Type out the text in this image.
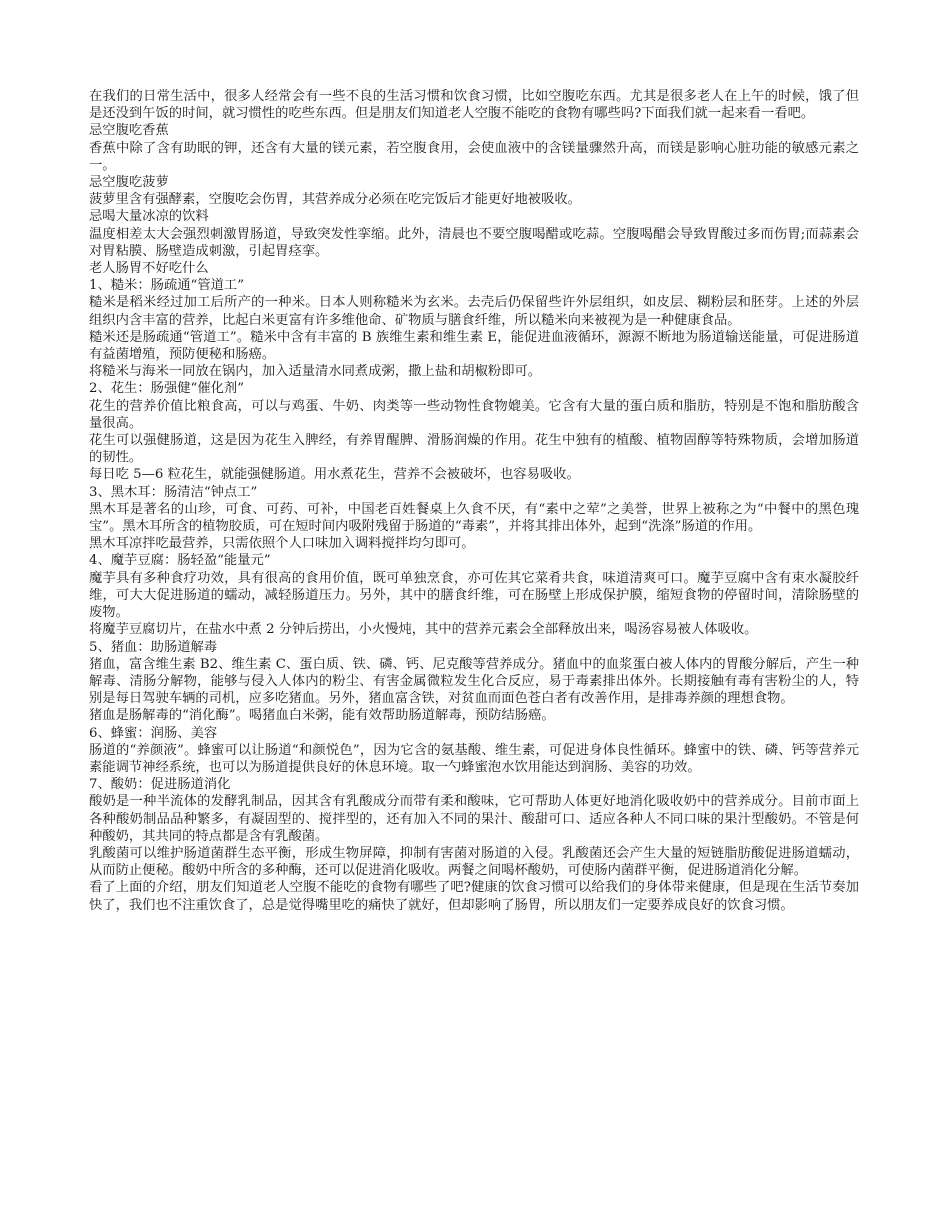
在我们的日常生活中，很多人经常会有一些不良的生活习惯和饮食习惯，比如空腹吃东西。尤其是很多老人在上午的时候，饿了但是还没到午饭的时间，就习惯性的吃些东西。但是朋友们知道老人空腹不能吃的食物有哪些吗?下面我们就一起来看一看吧。

忌空腹吃香蕉

香蕉中除了含有助眠的钾，还含有大量的镁元素，若空腹食用，会使血液中的含镁量骤然升高，而镁是影响心脏功能的敏感元素之一。

忌空腹吃菠萝

菠萝里含有强酵素，空腹吃会伤胃，其营养成分必须在吃完饭后才能更好地被吸收。

忌喝大量冰凉的饮料

温度相差太大会强烈刺激胃肠道，导致突发性挛缩。此外，清晨也不要空腹喝醋或吃蒜。空腹喝醋会导致胃酸过多而伤胃;而蒜素会对胃粘膜、肠壁造成刺激，引起胃痉挛。

老人肠胃不好吃什么

1、糙米：肠疏通“管道工”

糙米是稻米经过加工后所产的一种米。日本人则称糙米为玄米。去壳后仍保留些许外层组织，如皮层、糊粉层和胚芽。上述的外层组织内含丰富的营养，比起白米更富有许多维他命、矿物质与膳食纤维，所以糙米向来被视为是一种健康食品。

糙米还是肠疏通“管道工”。糙米中含有丰富的 B 族维生素和维生素 E，能促进血液循环，源源不断地为肠道输送能量，可促进肠道有益菌增殖，预防便秘和肠癌。

将糙米与海米一同放在锅内，加入适量清水同煮成粥，撒上盐和胡椒粉即可。

2、花生：肠强健“催化剂”

花生的营养价值比粮食高，可以与鸡蛋、牛奶、肉类等一些动物性食物媲美。它含有大量的蛋白质和脂肪，特别是不饱和脂肪酸含量很高。

花生可以强健肠道，这是因为花生入脾经，有养胃醒脾、滑肠润燥的作用。花生中独有的植酸、植物固醇等特殊物质，会增加肠道的韧性。

每日吃 5—6 粒花生，就能强健肠道。用水煮花生，营养不会被破坏，也容易吸收。

3、黑木耳：肠清洁“钟点工”

黑木耳是著名的山珍，可食、可药、可补，中国老百姓餐桌上久食不厌，有“素中之荤”之美誉，世界上被称之为“中餐中的黑色瑰宝”。黑木耳所含的植物胶质，可在短时间内吸附残留于肠道的“毒素”，并将其排出体外，起到“洗涤”肠道的作用。

黑木耳凉拌吃最营养，只需依照个人口味加入调料搅拌均匀即可。

4、魔芋豆腐：肠轻盈“能量元”

魔芋具有多种食疗功效，具有很高的食用价值，既可单独烹食，亦可佐其它菜肴共食，味道清爽可口。魔芋豆腐中含有束水凝胶纤维，可大大促进肠道的蠕动，减轻肠道压力。另外，其中的膳食纤维，可在肠壁上形成保护膜，缩短食物的停留时间，清除肠壁的废物。

将魔芋豆腐切片，在盐水中煮 2 分钟后捞出，小火慢炖，其中的营养元素会全部释放出来，喝汤容易被人体吸收。

5、猪血：助肠道解毒

猪血，富含维生素 B2、维生素 C、蛋白质、铁、磷、钙、尼克酸等营养成分。猪血中的血浆蛋白被人体内的胃酸分解后，产生一种解毒、清肠分解物，能够与侵入人体内的粉尘、有害金属微粒发生化合反应，易于毒素排出体外。长期接触有毒有害粉尘的人，特别是每日驾驶车辆的司机，应多吃猪血。另外，猪血富含铁，对贫血而面色苍白者有改善作用，是排毒养颜的理想食物。

猪血是肠解毒的“消化酶”。喝猪血白米粥，能有效帮助肠道解毒，预防结肠癌。

6、蜂蜜：润肠、美容

肠道的“养颜液”。蜂蜜可以让肠道“和颜悦色”，因为它含的氨基酸、维生素，可促进身体良性循环。蜂蜜中的铁、磷、钙等营养元素能调节神经系统，也可以为肠道提供良好的休息环境。取一勺蜂蜜泡水饮用能达到润肠、美容的功效。

7、酸奶：促进肠道消化

酸奶是一种半流体的发酵乳制品，因其含有乳酸成分而带有柔和酸味，它可帮助人体更好地消化吸收奶中的营养成分。目前市面上各种酸奶制品品种繁多，有凝固型的、搅拌型的，还有加入不同的果汁、酸甜可口、适应各种人不同口味的果汁型酸奶。不管是何种酸奶，其共同的特点都是含有乳酸菌。

乳酸菌可以维护肠道菌群生态平衡，形成生物屏障，抑制有害菌对肠道的入侵。乳酸菌还会产生大量的短链脂肪酸促进肠道蠕动，从而防止便秘。酸奶中所含的多种酶，还可以促进消化吸收。两餐之间喝杯酸奶，可使肠内菌群平衡，促进肠道消化分解。

看了上面的介绍，朋友们知道老人空腹不能吃的食物有哪些了吧?健康的饮食习惯可以给我们的身体带来健康，但是现在生活节奏加快了，我们也不注重饮食了，总是觉得嘴里吃的痛快了就好，但却影响了肠胃，所以朋友们一定要养成良好的饮食习惯。
